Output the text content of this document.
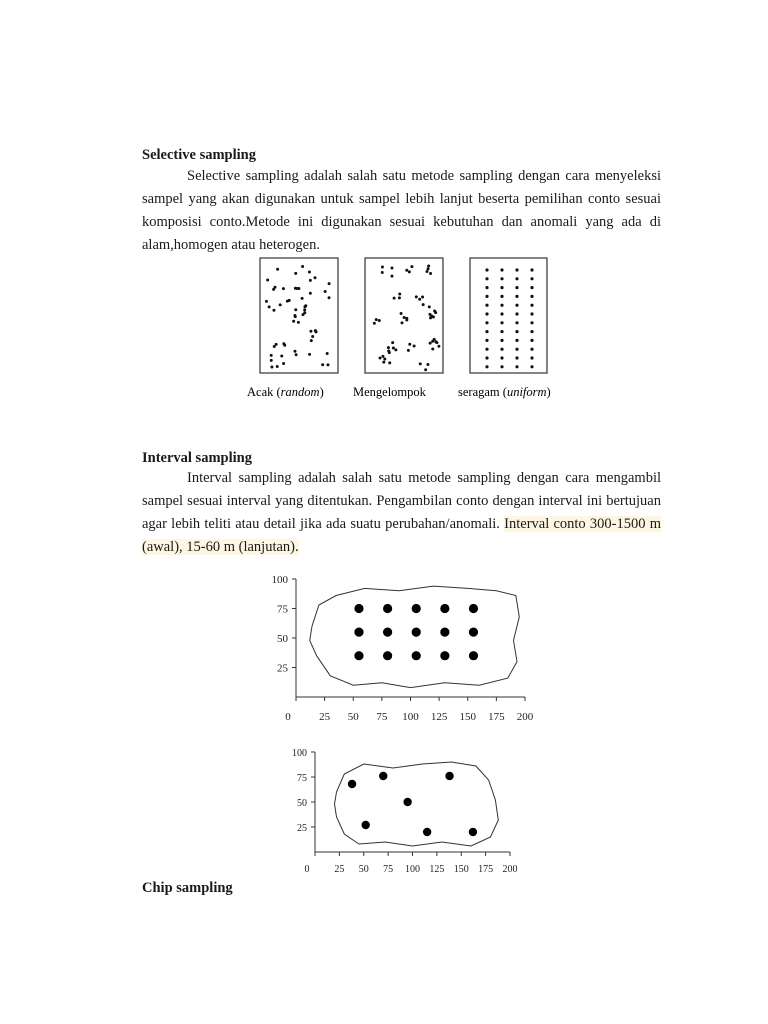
Selective sampling

Selective sampling adalah salah satu metode sampling dengan cara menyeleksi sampel yang akan digunakan untuk sampel lebih lanjut beserta pemilihan conto sesuai komposisi conto.Metode ini digunakan sesuai kebutuhan dan anomali yang ada di alam,homogen atau heterogen.

Acak (random) Mengelompok	seragam (uniform)
Interval sampling

Interval sampling adalah salah satu metode sampling dengan cara mengambil sampel sesuai interval yang ditentukan. Pengambilan conto dengan interval ini bertujuan agar lebih teliti atau detail jika ada suatu perubahan/anomali. Interval conto 300-1500 m (awal), 15-60 m (lanjutan).

0	25 50 75 100 125 150 175 200
25
50
75
100
0 25 50 75 100 125 150 175 200
25
50
75
100
Chip sampling
